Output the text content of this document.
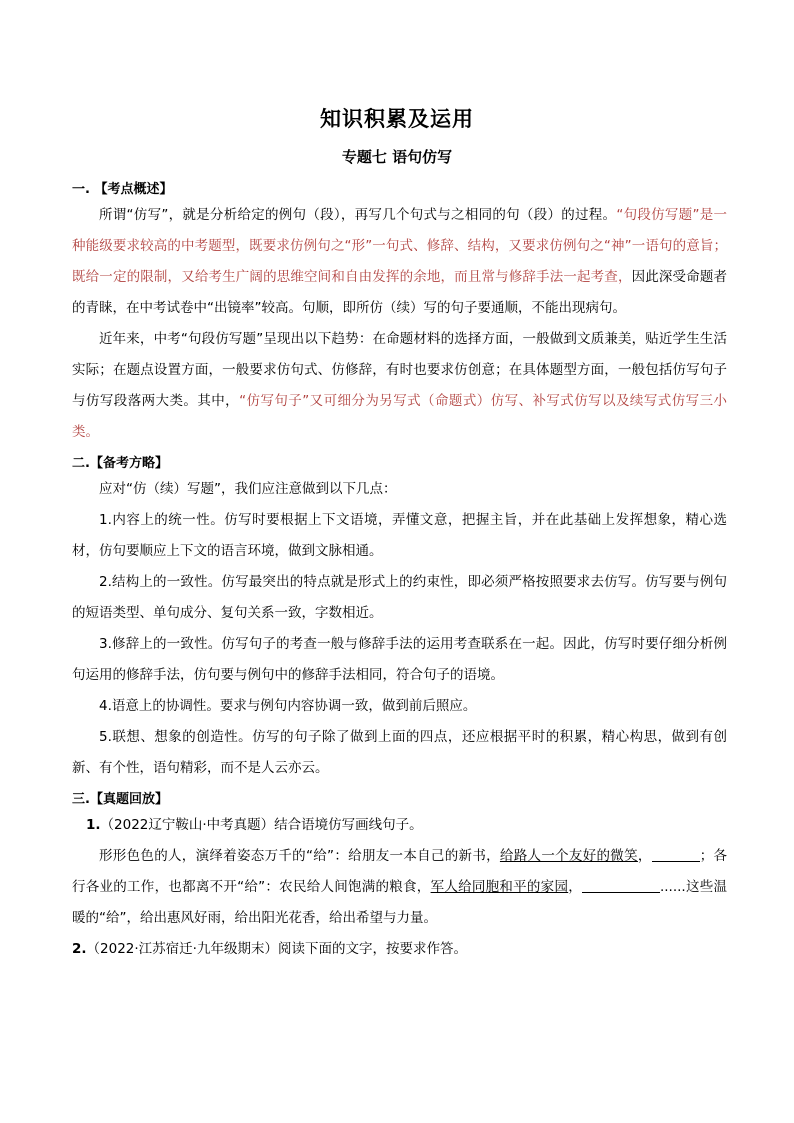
知识积累及运用
专题七 语句仿写

一. 【考点概述】

所谓“仿写”，就是分析给定的例句（段），再写几个句式与之相同的句（段）的过程。“句段仿写题”是一种能级要求较高的中考题型，既要求仿例句之“形”一句式、修辞、结构，又要求仿例句之“神”一语句的意旨；既给一定的限制，又给考生广阔的思维空间和自由发挥的余地，而且常与修辞手法一起考查，因此深受命题者的青睐，在中考试卷中“出镜率”较高。句顺，即所仿（续）写的句子要通顺，不能出现病句。

近年来，中考“句段仿写题”呈现出以下趋势：在命题材料的选择方面，一般做到文质兼美，贴近学生生活实际；在题点设置方面，一般要求仿句式、仿修辞，有时也要求仿创意；在具体题型方面，一般包括仿写句子与仿写段落两大类。其中，“仿写句子”又可细分为另写式（命题式）仿写、补写式仿写以及续写式仿写三小类。

二.【备考方略】

应对“仿（续）写题”，我们应注意做到以下几点：

1.内容上的统一性。仿写时要根据上下文语境，弄懂文意，把握主旨，并在此基础上发挥想象，精心选材，仿句要顺应上下文的语言环境，做到文脉相通。

2.结构上的一致性。仿写最突出的特点就是形式上的约束性，即必须严格按照要求去仿写。仿写要与例句的短语类型、单句成分、复句关系一致，字数相近。

3.修辞上的一致性。仿写句子的考查一般与修辞手法的运用考查联系在一起。因此，仿写时要仔细分析例句运用的修辞手法，仿句要与例句中的修辞手法相同，符合句子的语境。

4.语意上的协调性。要求与例句内容协调一致，做到前后照应。

5.联想、想象的创造性。仿写的句子除了做到上面的四点，还应根据平时的积累，精心构思，做到有创新、有个性，语句精彩，而不是人云亦云。

三.【真题回放】

1.（2022辽宁鞍山·中考真题）结合语境仿写画线句子。

形形色色的人，演绎着姿态万千的“给”：给朋友一本自己的新书，给路人一个友好的微笑，	；各行各业的工作，也都离不开“给”：农民给人间饱满的粮食，军人给同胞和平的家园，	......这些温暖的“给”，给出惠风好雨，给出阳光花香，给出希望与力量。

2.（2022·江苏宿迁·九年级期末）阅读下面的文字，按要求作答。
